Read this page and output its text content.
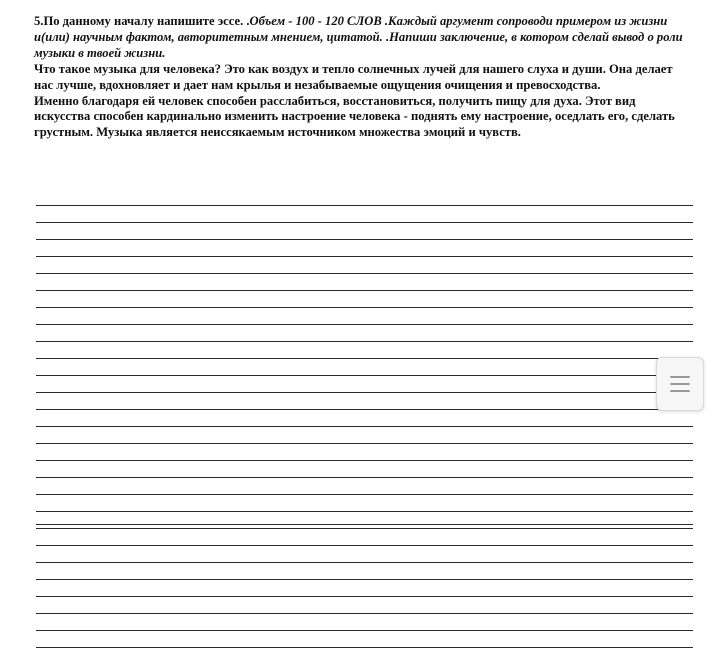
5.По данному началу напишите эссе. .Объем - 100 - 120 СЛОВ .Каждый аргумент сопроводи примером из жизни и(или) научным фактом, авторитетным мнением, цитатой. .Напиши заключение, в котором сделай вывод о роли музыки в твоей жизни.

Что такое музыка для человека? Это как воздух и тепло солнечных лучей для нашего слуха и души. Она делает нас лучше, вдохновляет и дает нам крылья и незабываемые ощущения очищения и превосходства.

Именно благодаря ей человек способен расслабиться, восстановиться, получить пищу для духа. Этот вид искусства способен кардинально изменить настроение человека - поднять ему настроение, оседлать его, сделать грустным. Музыка является неиссякаемым источником множества эмоций и чувств.
